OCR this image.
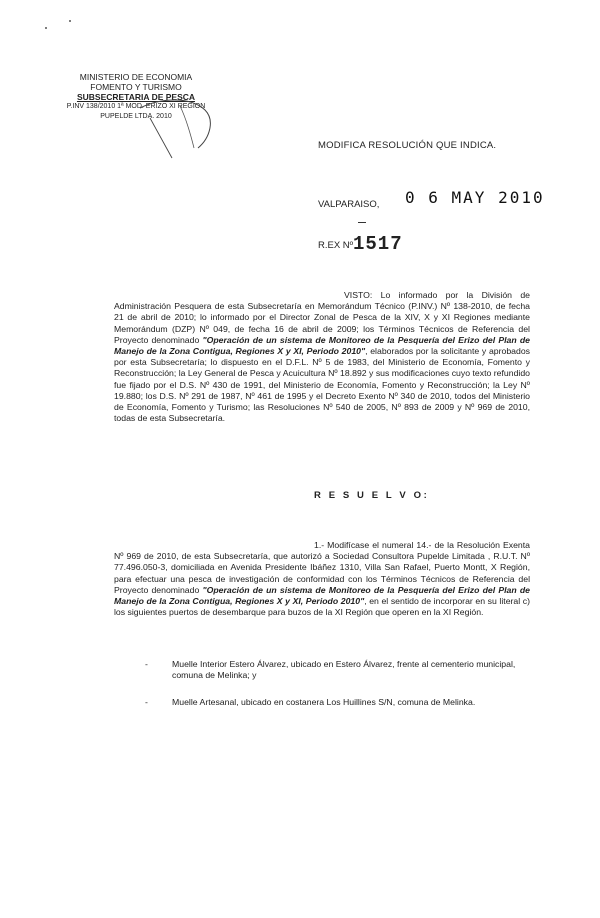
MINISTERIO DE ECONOMIA
FOMENTO Y TURISMO
SUBSECRETARIA DE PESCA
P.INV 138/2010 1ª MOD. ERIZO XI REGION
PUPELDE LTDA. 2010
MODIFICA RESOLUCIÓN QUE INDICA.
VALPARAISO, 0 6 MAY 2010
R.EX Nº 1517
VISTO: Lo informado por la División de Administración Pesquera de esta Subsecretaría en Memorándum Técnico (P.INV.) Nº 138-2010, de fecha 21 de abril de 2010; lo informado por el Director Zonal de Pesca de la XIV, X y XI Regiones mediante Memorándum (DZP) Nº 049, de fecha 16 de abril de 2009; los Términos Técnicos de Referencia del Proyecto denominado "Operación de un sistema de Monitoreo de la Pesquería del Erizo del Plan de Manejo de la Zona Contigua, Regiones X y XI, Periodo 2010", elaborados por la solicitante y aprobados por esta Subsecretaría; lo dispuesto en el D.F.L. Nº 5 de 1983, del Ministerio de Economía, Fomento y Reconstrucción; la Ley General de Pesca y Acuicultura Nº 18.892 y sus modificaciones cuyo texto refundido fue fijado por el D.S. Nº 430 de 1991, del Ministerio de Economía, Fomento y Reconstrucción; la Ley Nº 19.880; los D.S. Nº 291 de 1987, Nº 461 de 1995 y el Decreto Exento Nº 340 de 2010, todos del Ministerio de Economía, Fomento y Turismo; las Resoluciones Nº 540 de 2005, Nº 893 de 2009 y Nº 969 de 2010, todas de esta Subsecretaría.
R E S U E L V O:
1.- Modifícase el numeral 14.- de la Resolución Exenta Nº 969 de 2010, de esta Subsecretaría, que autorizó a Sociedad Consultora Pupelde Limitada , R.U.T. Nº 77.496.050-3, domiciliada en Avenida Presidente Ibáñez 1310, Villa San Rafael, Puerto Montt, X Región, para efectuar una pesca de investigación de conformidad con los Términos Técnicos de Referencia del Proyecto denominado "Operación de un sistema de Monitoreo de la Pesquería del Erizo del Plan de Manejo de la Zona Contigua, Regiones X y XI, Periodo 2010", en el sentido de incorporar en su literal c) los siguientes puertos de desembarque para buzos de la XI Región que operen en la XI Región.
-	Muelle Interior Estero Álvarez, ubicado en Estero Álvarez, frente al cementerio municipal, comuna de Melinka; y
-	Muelle Artesanal, ubicado en costanera Los Huillines S/N, comuna de Melinka.
